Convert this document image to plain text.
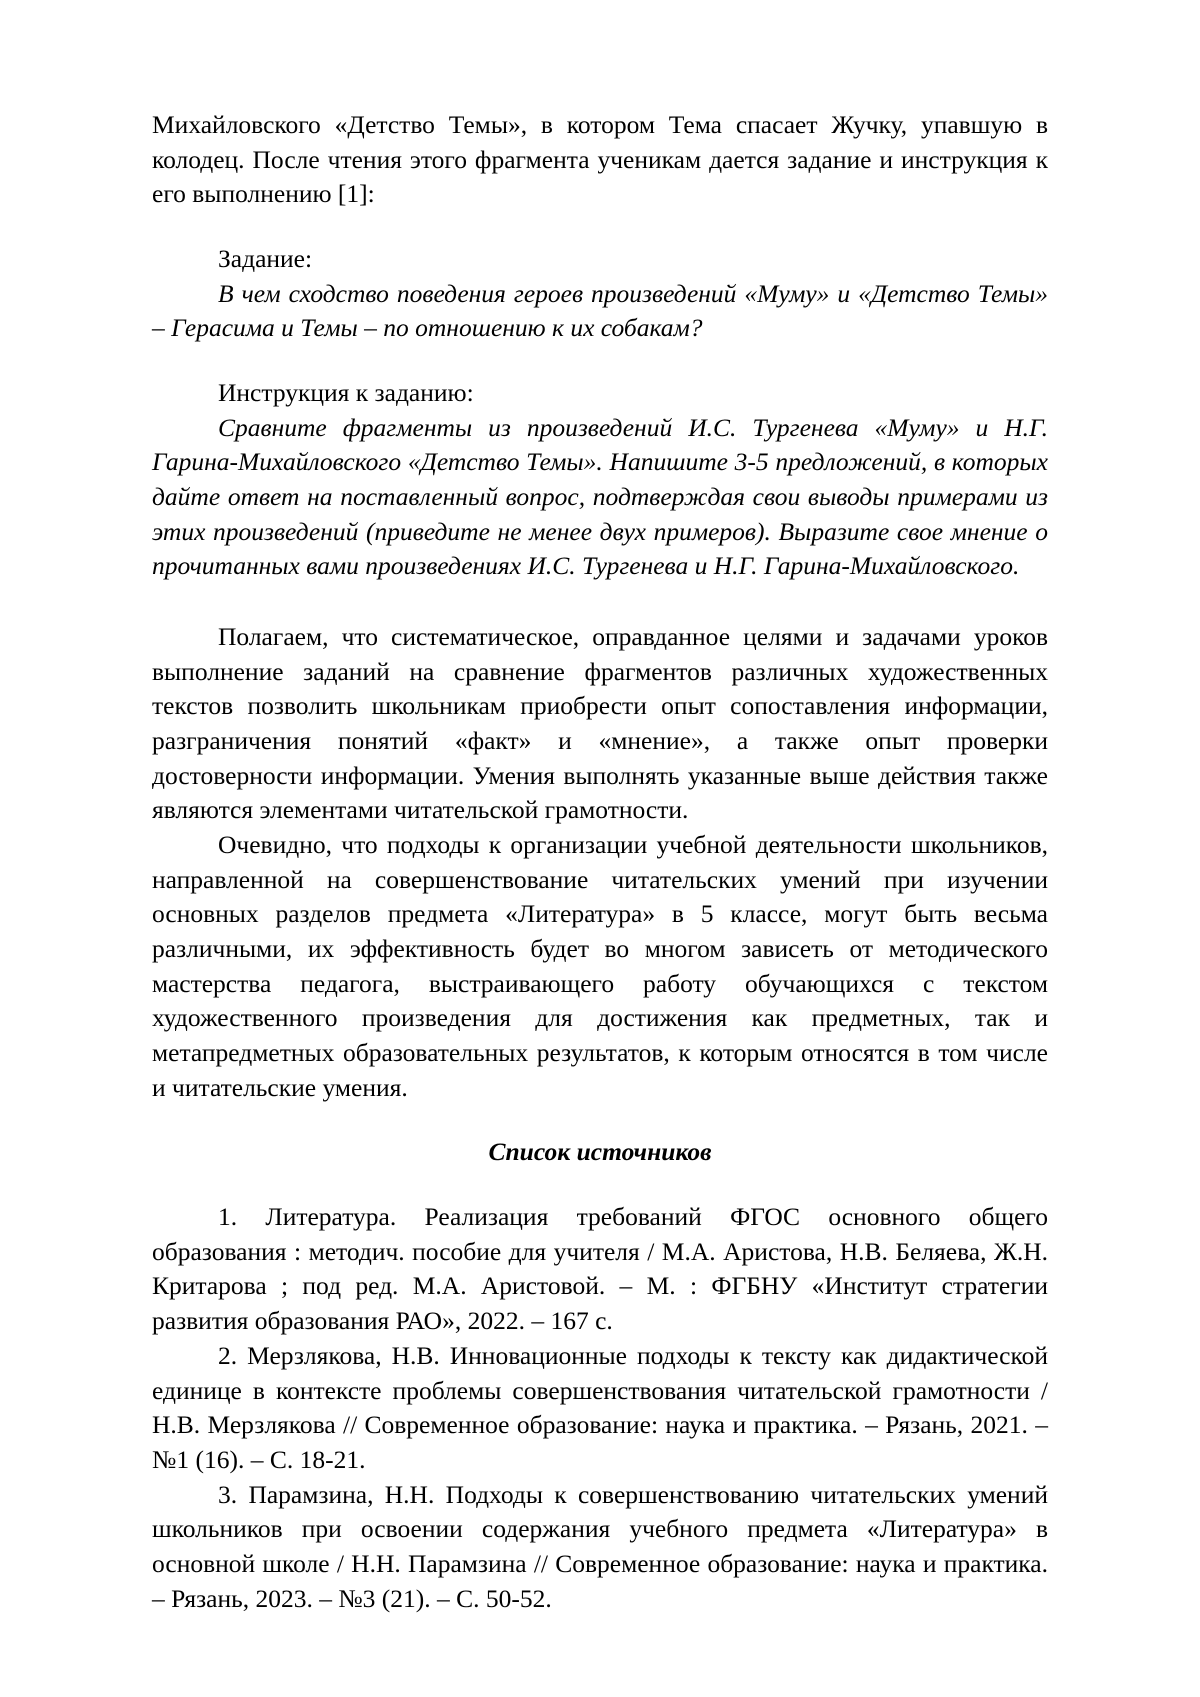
Михайловского «Детство Темы», в котором Тема спасает Жучку, упавшую в колодец. После чтения этого фрагмента ученикам дается задание и инструкция к его выполнению [1]:

Задание:

В чем сходство поведения героев произведений «Муму» и «Детство Темы» – Герасима и Темы – по отношению к их собакам?

Инструкция к заданию:

Сравните фрагменты из произведений И.С. Тургенева «Муму» и Н.Г. Гарина-Михайловского «Детство Темы». Напишите 3-5 предложений, в которых дайте ответ на поставленный вопрос, подтверждая свои выводы примерами из этих произведений (приведите не менее двух примеров). Выразите свое мнение о прочитанных вами произведениях И.С. Тургенева и Н.Г. Гарина-Михайловского.

Полагаем, что систематическое, оправданное целями и задачами уроков выполнение заданий на сравнение фрагментов различных художественных текстов позволить школьникам приобрести опыт сопоставления информации, разграничения понятий «факт» и «мнение», а также опыт проверки достоверности информации. Умения выполнять указанные выше действия также являются элементами читательской грамотности.

Очевидно, что подходы к организации учебной деятельности школьников, направленной на совершенствование читательских умений при изучении основных разделов предмета «Литература» в 5 классе, могут быть весьма различными, их эффективность будет во многом зависеть от методического мастерства педагога, выстраивающего работу обучающихся с текстом художественного произведения для достижения как предметных, так и метапредметных образовательных результатов, к которым относятся в том числе и читательские умения.

Список источников

1. Литература. Реализация требований ФГОС основного общего образования : методич. пособие для учителя / М.А. Аристова, Н.В. Беляева, Ж.Н. Критарова ; под ред. М.А. Аристовой. – М. : ФГБНУ «Институт стратегии развития образования РАО», 2022. – 167 с.

2. Мерзлякова, Н.В. Инновационные подходы к тексту как дидактической единице в контексте проблемы совершенствования читательской грамотности / Н.В. Мерзлякова // Современное образование: наука и практика. – Рязань, 2021. – №1 (16). – С. 18-21.

3. Парамзина, Н.Н. Подходы к совершенствованию читательских умений школьников при освоении содержания учебного предмета «Литература» в основной школе / Н.Н. Парамзина // Современное образование: наука и практика. – Рязань, 2023. – №3 (21). – С. 50-52.
